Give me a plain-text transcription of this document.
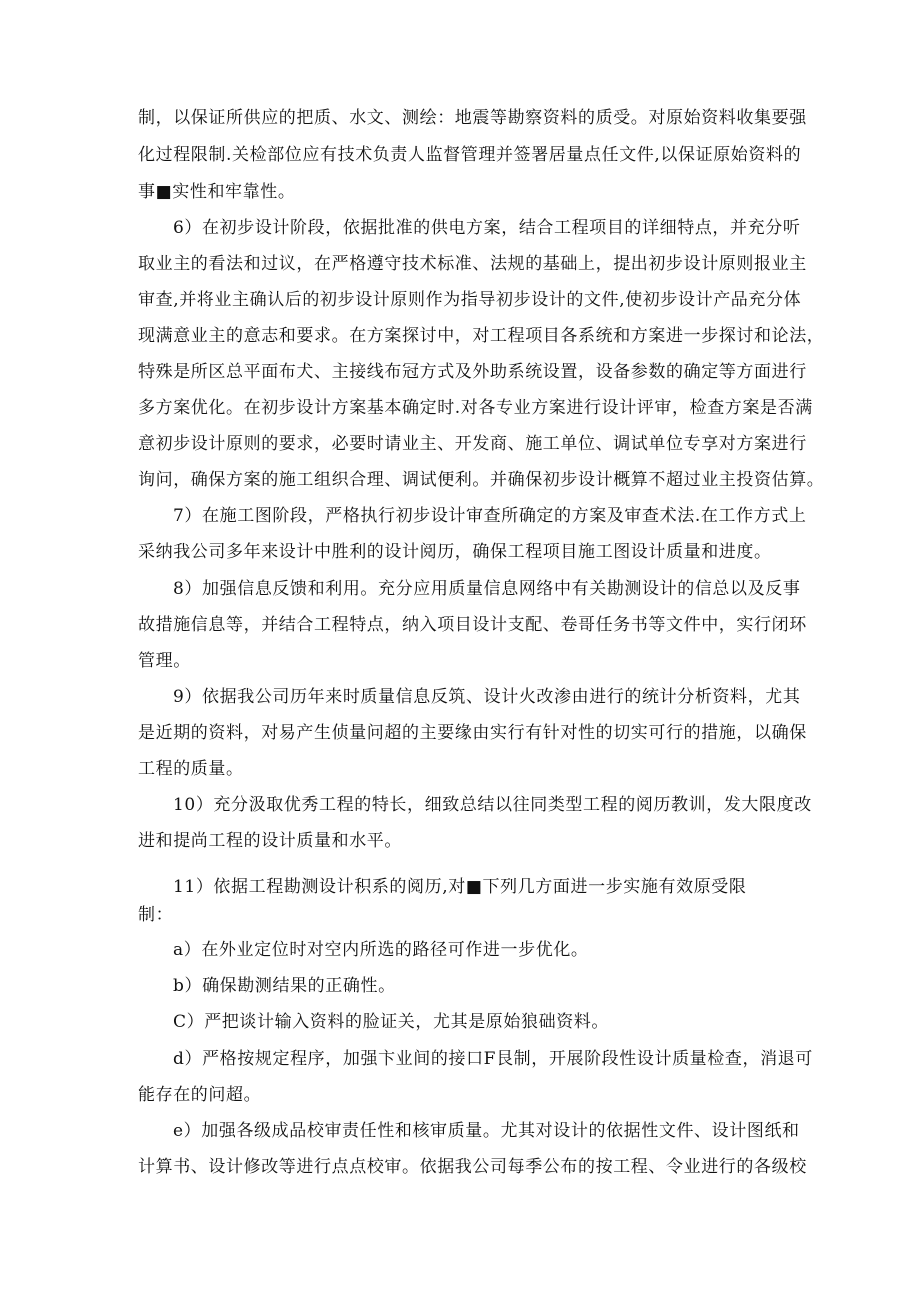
制，以保证所供应的把质、水文、测绘：地震等勘察资料的质受。对原始资料收集要强
化过程限制.关检部位应有技术负责人监督管理并签署居量点任文件,以保证原始资料的
事■实性和牢靠性。
6）在初步设计阶段，依据批准的供电方案，结合工程项目的详细特点，并充分听
取业主的看法和过议，在严格遵守技术标准、法规的基础上，提出初步设计原则报业主
审查,并将业主确认后的初步设计原则作为指导初步设计的文件,使初步设计产品充分体
现满意业主的意志和要求。在方案探讨中，对工程项目各系统和方案进一步探讨和论法，
特殊是所区总平面布犬、主接线布冠方式及外助系统设置，设备参数的确定等方面进行
多方案优化。在初步设计方案基本确定时.对各专业方案进行设计评审，检查方案是否满
意初步设计原则的要求，必要时请业主、开发商、施工单位、调试单位专享对方案进行
询问，确保方案的施工组织合理、调试便利。并确保初步设计概算不超过业主投资估算。
7）在施工图阶段，严格执行初步设计审查所确定的方案及审查术法.在工作方式上
采纳我公司多年来设计中胜利的设计阅历，确保工程项目施工图设计质量和进度。
8）加强信息反馈和利用。充分应用质量信息网络中有关勘测设计的信总以及反事
故措施信息等，并结合工程特点，纳入项目设计支配、卷哥任务书等文件中，实行闭环
管理。
9）依据我公司历年来时质量信息反筑、设计火改渗由进行的统计分析资料，尤其
是近期的资料，对易产生侦量问超的主要缘由实行有针对性的切实可行的措施，以确保
工程的质量。
10）充分汲取优秀工程的特长，细致总结以往同类型工程的阅历教训，发大限度改
进和提尚工程的设计质量和水平。
11）依据工程勘测设计积系的阅历,对■下列几方面进一步实施有效原受限
制：
a）在外业定位时对空内所选的路径可作进一步优化。
b）确保勘测结果的正确性。
C）严把谈计输入资料的脸证关，尤其是原始狼础资料。
d）严格按规定程序，加强卞业间的接口F艮制，开展阶段性设计质量检查，消退可
能存在的问超。
e）加强各级成品校审责任性和核审质量。尤其对设计的依据性文件、设计图纸和
计算书、设计修改等进行点点校审。依据我公司每季公布的按工程、令业进行的各级校
